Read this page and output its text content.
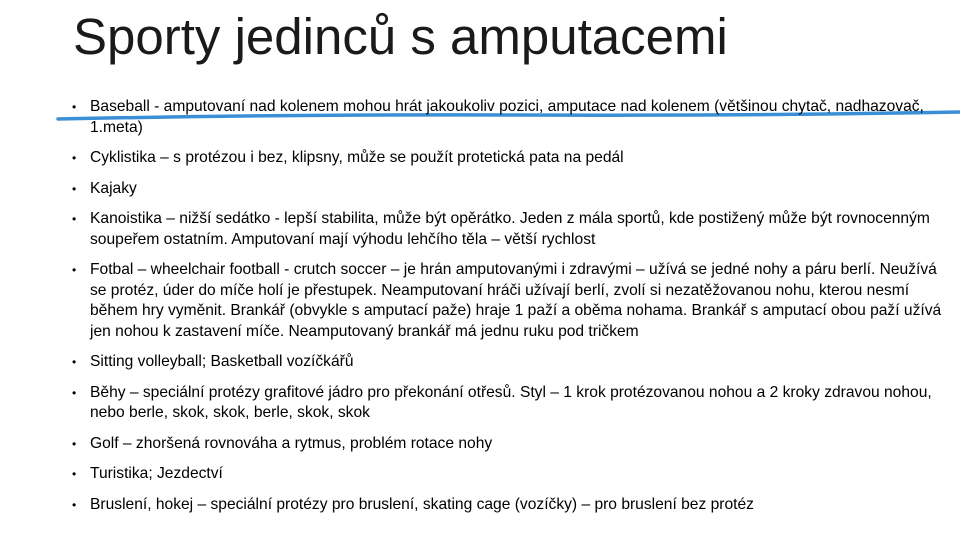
Sporty jedinců s amputacemi
• Baseball - amputovaní nad kolenem mohou hrát jakoukoliv pozici, amputace nad kolenem (většinou chytač, nadhazovač, 1.meta)
• Cyklistika – s protézou i bez, klipsny, může se použít protetická pata na pedál
• Kajaky
• Kanoistika – nižší sedátko - lepší stabilita, může být opěrátko. Jeden z mála sportů, kde postižený může být rovnocenným soupeřem ostatním. Amputovaní mají výhodu lehčího těla – větší rychlost
• Fotbal – wheelchair football - crutch soccer – je hrán amputovanými i zdravými – užívá se jedné nohy a páru berlí. Neužívá se protéz, úder do míče holí je přestupek. Neamputovaní hráči užívají berlí, zvolí si nezatěžovanou nohu, kterou nesmí během hry vyměnit. Brankář (obvykle s amputací paže) hraje 1 paží a oběma nohama. Brankář s amputací obou paží užívá jen nohou k zastavení míče. Neamputovaný brankář má jednu ruku pod tričkem
• Sitting volleyball; Basketball vozíčkářů
• Běhy – speciální protézy grafitové jádro pro překonání otřesů. Styl – 1 krok protézovanou nohou a 2 kroky zdravou nohou, nebo berle, skok, skok, berle, skok, skok
• Golf – zhoršená rovnováha a rytmus, problém rotace nohy
• Turistika; Jezdectví
• Bruslení, hokej – speciální protézy pro bruslení, skating cage (vozíčky) – pro bruslení bez protéz
